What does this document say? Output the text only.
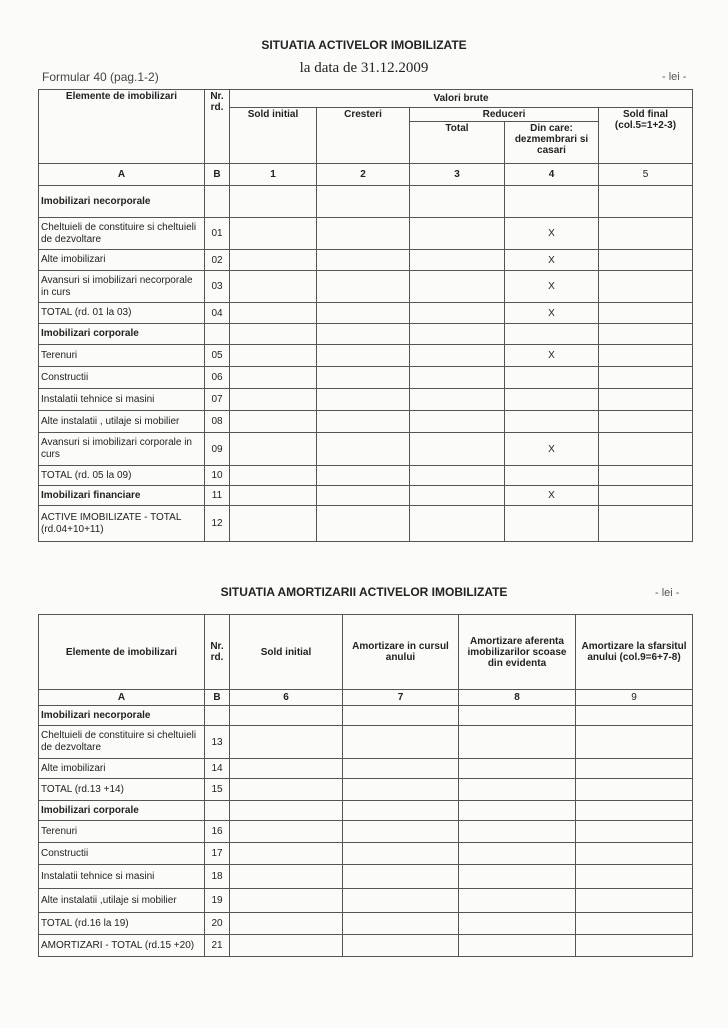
SITUATIA ACTIVELOR IMOBILIZATE
la data de 31.12.2009
Formular 40 (pag.1-2)	- lei -
Elemente de imobilizari	Nr. rd.	Valori brute				
		Sold initial	Cresteri	Reduceri		Sold final (col.5=1+2-3)
				Total	Din care: dezmembrari si casari	
A	B	1	2	3	4	5
Imobilizari necorporale						
Cheltuieli de constituire si cheltuieli de dezvoltare	01				X	
Alte imobilizari	02				X	
Avansuri si imobilizari necorporale in curs	03				X	
TOTAL (rd. 01 la 03)	04				X	
Imobilizari corporale						
Terenuri	05				X	
Constructii	06					
Instalatii tehnice si masini	07					
Alte instalatii , utilaje si mobilier	08					
Avansuri si imobilizari corporale in curs	09				X	
TOTAL (rd. 05 la 09)	10					
Imobilizari financiare	11				X	
ACTIVE IMOBILIZATE - TOTAL (rd.04+10+11)	12					
SITUATIA AMORTIZARII ACTIVELOR IMOBILIZATE	- lei -
Elemente de imobilizari	Nr. rd.	Sold initial	Amortizare in cursul anului	Amortizare aferenta imobilizarilor scoase din evidenta	Amortizare la sfarsitul anului (col.9=6+7-8)
A	B	6	7	8	9
Imobilizari necorporale					
Cheltuieli de constituire si cheltuieli de dezvoltare	13				
Alte imobilizari	14				
TOTAL (rd.13 +14)	15				
Imobilizari corporale					
Terenuri	16				
Constructii	17				
Instalatii tehnice si masini	18				
Alte instalatii ,utilaje si mobilier	19				
TOTAL (rd.16 la 19)	20				
AMORTIZARI - TOTAL (rd.15 +20)	21				
